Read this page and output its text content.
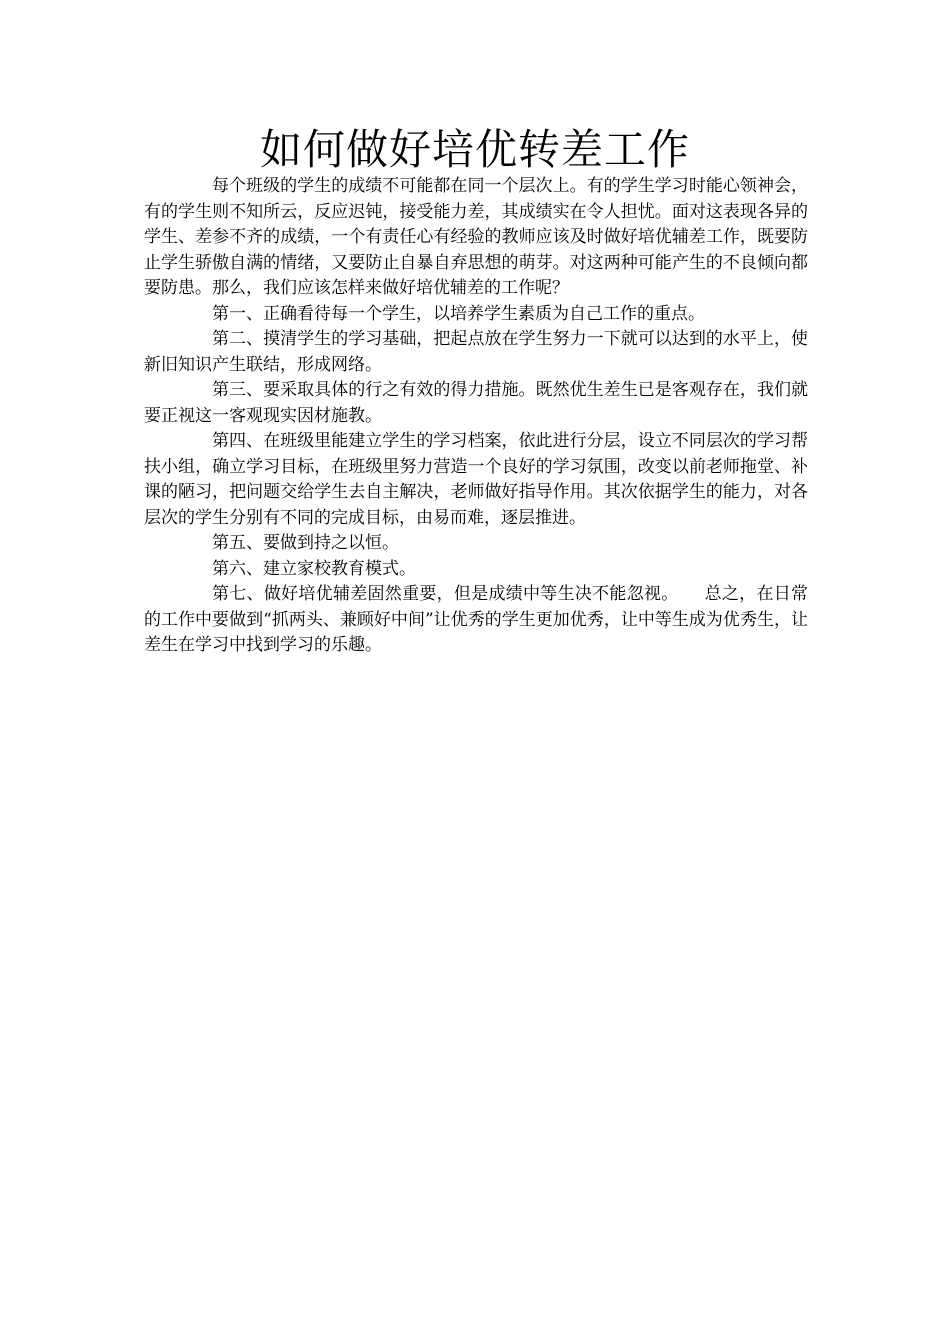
如何做好培优转差工作

每个班级的学生的成绩不可能都在同一个层次上。有的学生学习时能心领神会，有的学生则不知所云，反应迟钝，接受能力差，其成绩实在令人担忧。面对这表现各异的学生、差参不齐的成绩，一个有责任心有经验的教师应该及时做好培优辅差工作，既要防止学生骄傲自满的情绪，又要防止自暴自弃思想的萌芽。对这两种可能产生的不良倾向都要防患。那么，我们应该怎样来做好培优辅差的工作呢？

第一、正确看待每一个学生，以培养学生素质为自己工作的重点。

第二、摸清学生的学习基础，把起点放在学生努力一下就可以达到的水平上，使新旧知识产生联结，形成网络。

第三、要采取具体的行之有效的得力措施。既然优生差生已是客观存在，我们就要正视这一客观现实因材施教。

第四、在班级里能建立学生的学习档案，依此进行分层，设立不同层次的学习帮扶小组，确立学习目标，在班级里努力营造一个良好的学习氛围，改变以前老师拖堂、补课的陋习，把问题交给学生去自主解决，老师做好指导作用。其次依据学生的能力，对各层次的学生分别有不同的完成目标，由易而难，逐层推进。

第五、要做到持之以恒。

第六、建立家校教育模式。

第七、做好培优辅差固然重要，但是成绩中等生决不能忽视。　　总之，在日常的工作中要做到“抓两头、兼顾好中间”让优秀的学生更加优秀，让中等生成为优秀生，让差生在学习中找到学习的乐趣。
